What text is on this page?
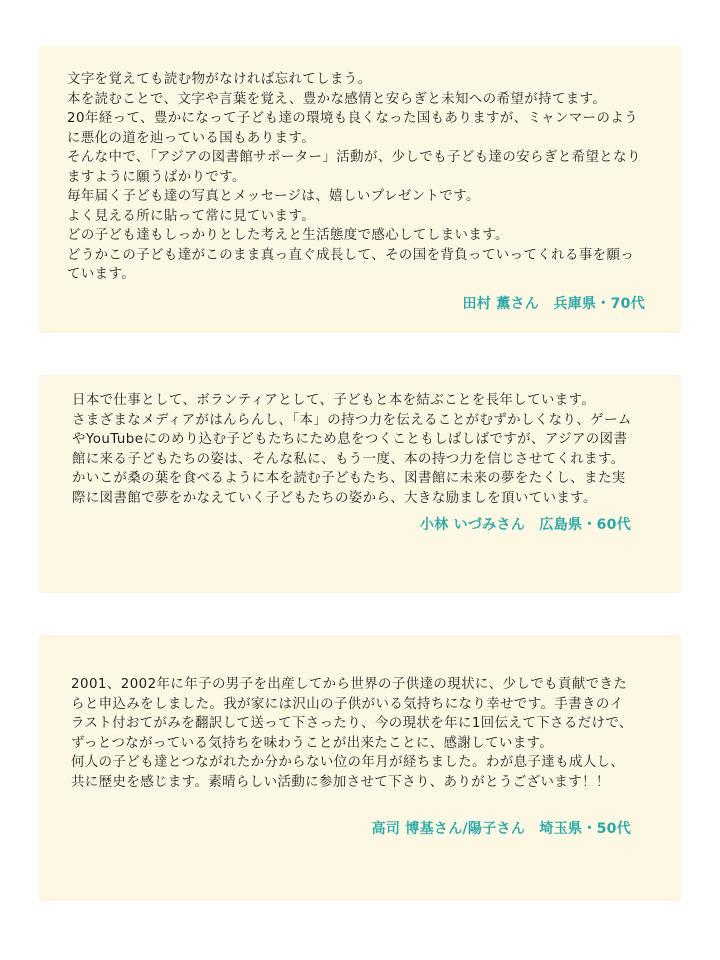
文字を覚えても読む物がなければ忘れてしまう。

本を読むことで、文字や言葉を覚え、豊かな感情と安らぎと未知への希望が持てます。

20年経って、豊かになって子ども達の環境も良くなった国もありますが、ミャンマーのように悪化の道を辿っている国もあります。

そんな中で、「アジアの図書館サポーター」活動が、少しでも子ども達の安らぎと希望となりますように願うばかりです。

毎年届く子ども達の写真とメッセージは、嬉しいプレゼントです。

よく見える所に貼って常に見ています。

どの子ども達もしっかりとした考えと生活態度で感心してしまいます。

どうかこの子ども達がこのまま真っ直ぐ成長して、その国を背負っていってくれる事を願っています。

田村 薫さん　兵庫県・70代

日本で仕事として、ボランティアとして、子どもと本を結ぶことを長年しています。

さまざまなメディアがはんらんし、「本」の持つ力を伝えることがむずかしくなり、ゲームやYouTubeにのめり込む子どもたちにため息をつくこともしばしばですが、アジアの図書館に来る子どもたちの姿は、そんな私に、もう一度、本の持つ力を信じさせてくれます。

かいこが桑の葉を食べるように本を読む子どもたち、図書館に未来の夢をたくし、また実際に図書館で夢をかなえていく子どもたちの姿から、大きな励ましを頂いています。

小林 いづみさん　広島県・60代

2001、2002年に年子の男子を出産してから世界の子供達の現状に、少しでも貢献できたらと申込みをしました。我が家には沢山の子供がいる気持ちになり幸せです。手書きのイラスト付おてがみを翻訳して送って下さったり、今の現状を年に1回伝えて下さるだけで、ずっとつながっている気持ちを味わうことが出来たことに、感謝しています。

何人の子ども達とつながれたか分からない位の年月が経ちました。わが息子達も成人し、共に歴史を感じます。素晴らしい活動に参加させて下さり、ありがとうございます！！

高司 博基さん/陽子さん　埼玉県・50代
